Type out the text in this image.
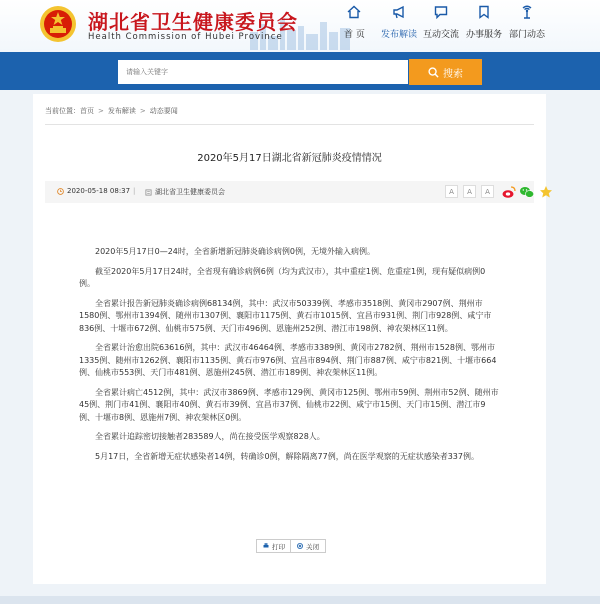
湖北省卫生健康委员会
Health Commission of Hubei Province	首 页 发布解读 互动交流 办事服务 部门动态
请输入关键字
搜索
当前位置： 首页 > 发布解读 > 动态要闻
2020年5月17日湖北省新冠肺炎疫情情况
2020-05-18 08:37 |	湖北省卫生健康委员会	A	A	A

2020年5月17日0—24时，全省新增新冠肺炎确诊病例0例，无境外输入病例。

截至2020年5月17日24时，全省现有确诊病例6例（均为武汉市），其中重症1例、危重症1例，现有疑似病例0例。

全省累计报告新冠肺炎确诊病例68134例，其中：武汉市50339例、孝感市3518例、黄冈市2907例、荆州市1580例、鄂州市1394例、随州市1307例、襄阳市1175例、黄石市1015例、宜昌市931例、荆门市928例、咸宁市836例、十堰市672例、仙桃市575例、天门市496例、恩施州252例、潜江市198例、神农架林区11例。

全省累计治愈出院63616例，其中：武汉市46464例、孝感市3389例、黄冈市2782例、荆州市1528例、鄂州市1335例、随州市1262例、襄阳市1135例、黄石市976例、宜昌市894例、荆门市887例、咸宁市821例、十堰市664例、仙桃市553例、天门市481例、恩施州245例、潜江市189例、神农架林区11例。

全省累计病亡4512例，其中：武汉市3869例、孝感市129例、黄冈市125例、鄂州市59例、荆州市52例、随州市45例、荆门市41例、襄阳市40例、黄石市39例、宜昌市37例、仙桃市22例、咸宁市15例、天门市15例、潜江市9例、十堰市8例、恩施州7例、神农架林区0例。

全省累计追踪密切接触者283589人，尚在接受医学观察828人。

5月17日，全省新增无症状感染者14例，转确诊0例，解除隔离77例，尚在医学观察的无症状感染者337例。

打印	关闭
